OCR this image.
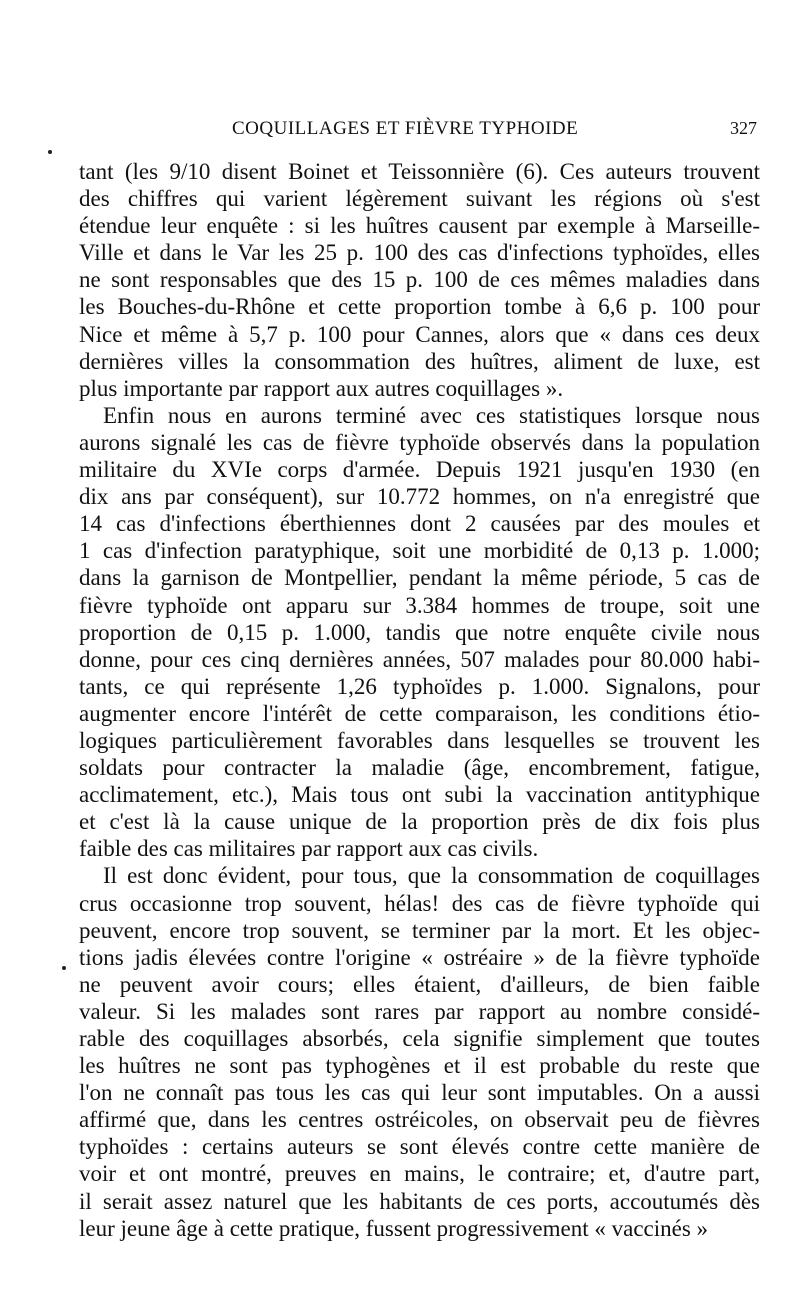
COQUILLAGES ET FIÈVRE TYPHOIDE	327
tant (les 9/10 disent Boinet et Teissonnière (6). Ces auteurs trouvent
des chiffres qui varient légèrement suivant les régions où s'est
étendue leur enquête : si les huîtres causent par exemple à Marseille-
Ville et dans le Var les 25 p. 100 des cas d'infections typhoïdes, elles
ne sont responsables que des 15 p. 100 de ces mêmes maladies dans
les Bouches-du-Rhône et cette proportion tombe à 6,6 p. 100 pour
Nice et même à 5,7 p. 100 pour Cannes, alors que « dans ces deux
dernières villes la consommation des huîtres, aliment de luxe, est
plus importante par rapport aux autres coquillages ».
Enfin nous en aurons terminé avec ces statistiques lorsque nous
aurons signalé les cas de fièvre typhoïde observés dans la population
militaire du XVIe corps d'armée. Depuis 1921 jusqu'en 1930 (en
dix ans par conséquent), sur 10.772 hommes, on n'a enregistré que
14 cas d'infections éberthiennes dont 2 causées par des moules et
1 cas d'infection paratyphique, soit une morbidité de 0,13 p. 1.000;
dans la garnison de Montpellier, pendant la même période, 5 cas de
fièvre typhoïde ont apparu sur 3.384 hommes de troupe, soit une
proportion de 0,15 p. 1.000, tandis que notre enquête civile nous
donne, pour ces cinq dernières années, 507 malades pour 80.000 habi-
tants, ce qui représente 1,26 typhoïdes p. 1.000. Signalons, pour
augmenter encore l'intérêt de cette comparaison, les conditions étio-
logiques particulièrement favorables dans lesquelles se trouvent les
soldats pour contracter la maladie (âge, encombrement, fatigue,
acclimatement, etc.), Mais tous ont subi la vaccination antityphique
et c'est là la cause unique de la proportion près de dix fois plus
faible des cas militaires par rapport aux cas civils.
Il est donc évident, pour tous, que la consommation de coquillages
crus occasionne trop souvent, hélas! des cas de fièvre typhoïde qui
peuvent, encore trop souvent, se terminer par la mort. Et les objec-
tions jadis élevées contre l'origine « ostréaire » de la fièvre typhoïde
ne peuvent avoir cours; elles étaient, d'ailleurs, de bien faible
valeur. Si les malades sont rares par rapport au nombre considé-
rable des coquillages absorbés, cela signifie simplement que toutes
les huîtres ne sont pas typhogènes et il est probable du reste que
l'on ne connaît pas tous les cas qui leur sont imputables. On a aussi
affirmé que, dans les centres ostréicoles, on observait peu de fièvres
typhoïdes : certains auteurs se sont élevés contre cette manière de
voir et ont montré, preuves en mains, le contraire; et, d'autre part,
il serait assez naturel que les habitants de ces ports, accoutumés dès
leur jeune âge à cette pratique, fussent progressivement « vaccinés »
